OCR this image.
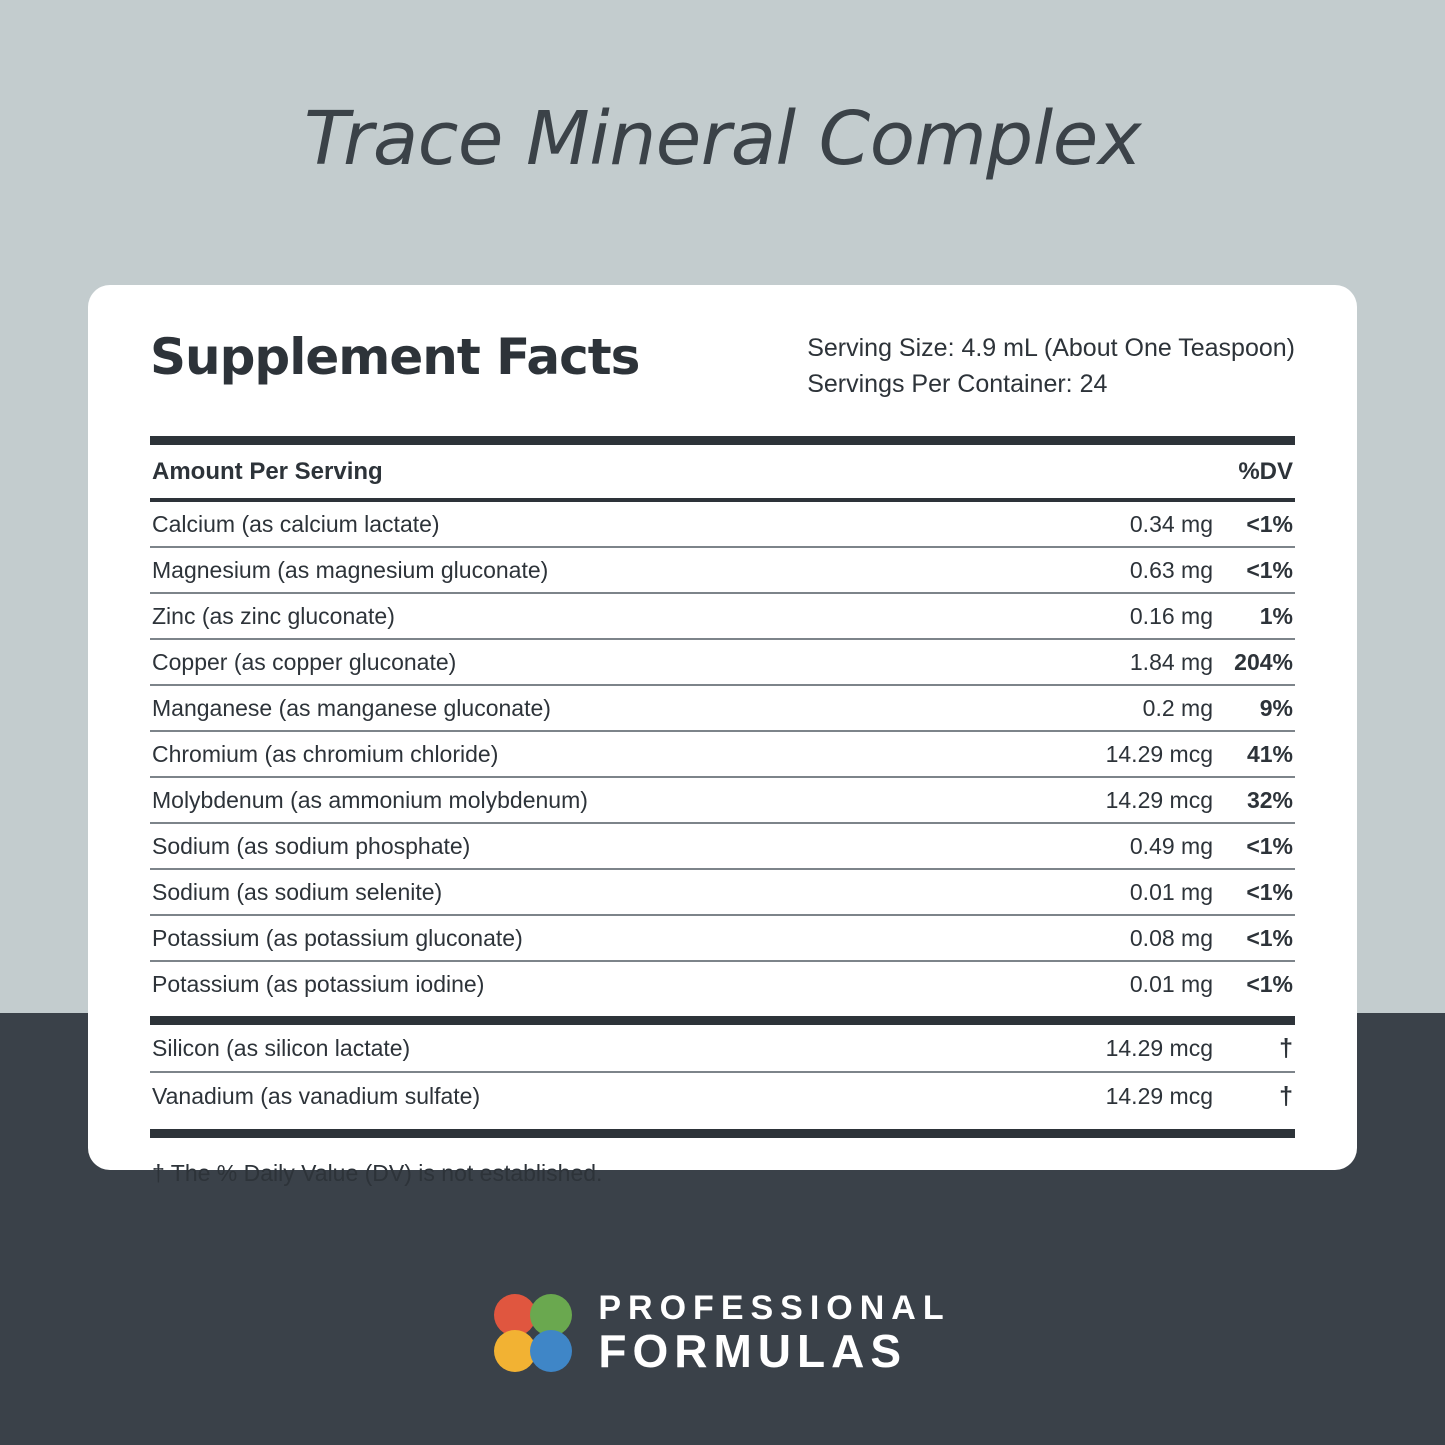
Trace Mineral Complex
Supplement Facts	Serving Size: 4.9 mL (About One Teaspoon)
Servings Per Container: 24
Amount Per Serving	%DV
Calcium (as calcium lactate)	0.34 mg	<1%
Magnesium (as magnesium gluconate)	0.63 mg	<1%
Zinc (as zinc gluconate)	0.16 mg	1%
Copper (as copper gluconate)	1.84 mg 204%
Manganese (as manganese gluconate)	0.2 mg	9%
Chromium (as chromium chloride)	14.29 mcg	41%
Molybdenum (as ammonium molybdenum)	14.29 mcg	32%
Sodium (as sodium phosphate)	0.49 mg	<1%
Sodium (as sodium selenite)	0.01 mg	<1%
Potassium (as potassium gluconate)	0.08 mg	<1%
Potassium (as potassium iodine)	0.01 mg	<1%
Silicon (as silicon lactate)	14.29 mcg	†
Vanadium (as vanadium sulfate)	14.29 mcg	†
† The % Daily Value (DV) is not established.
PROFESSIONAL
FORMULAS
